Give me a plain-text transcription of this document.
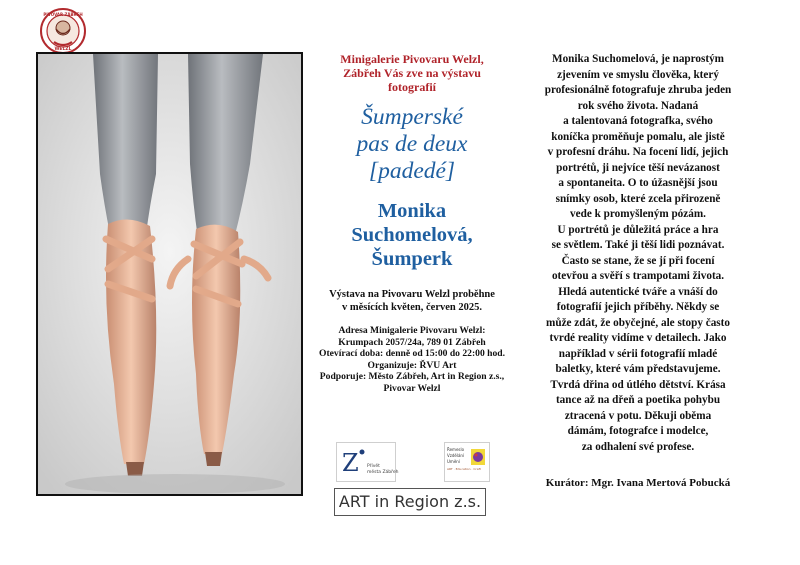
PIVOVAR ZÁBŘEH
WELZL

Minigalerie Pivovaru Welzl,
Zábřeh Vás zve na výstavu
fotografií

Šumperské
pas de deux
[padedé]
Monika
Suchomelová,
Šumperk

Výstava na Pivovaru Welzl proběhne
v měsících květen, červen 2025.

Adresa Minigalerie Pivovaru Welzl:
Krumpach 2057/24a, 789 01 Zábřeh
Otevírací doba: denně od 15:00 do 22:00 hod.
Organizuje: ŘVU Art
Podporuje: Město Zábřeh, Art in Region z.s.,
Pivovar Welzl
Z Přívět
města Zábřeh
Řemeslo
Vzdělání
Umění
ART · Education · Craft
ART in Region z.s.
Monika Suchomelová, je naprostým
zjevením ve smyslu člověka, který
profesionálně fotografuje zhruba jeden
rok svého života. Nadaná
a talentovaná fotografka, svého
koníčka proměňuje pomalu, ale jistě
v profesní dráhu. Na focení lidí, jejich
portrétů, ji nejvíce těší nevázanost
a spontaneita. O to úžasnější jsou
snímky osob, které zcela přirozeně
vede k promyšleným pózám.
U portrétů je důležitá práce a hra
se světlem. Také ji těší lidi poznávat.
Často se stane, že se jí při focení
otevřou a svěří s trampotami života.
Hledá autentické tváře a vnáší do
fotografií jejich příběhy. Někdy se
může zdát, že obyčejné, ale stopy často
tvrdé reality vidíme v detailech. Jako
například v sérii fotografií mladé
baletky, které vám představujeme.
Tvrdá dřina od útlého dětství. Krása
tance až na dřeň a poetika pohybu
ztracená v potu. Děkuji oběma
dámám, fotografce i modelce,
za odhalení své profese.
Kurátor: Mgr. Ivana Mertová Pobucká
